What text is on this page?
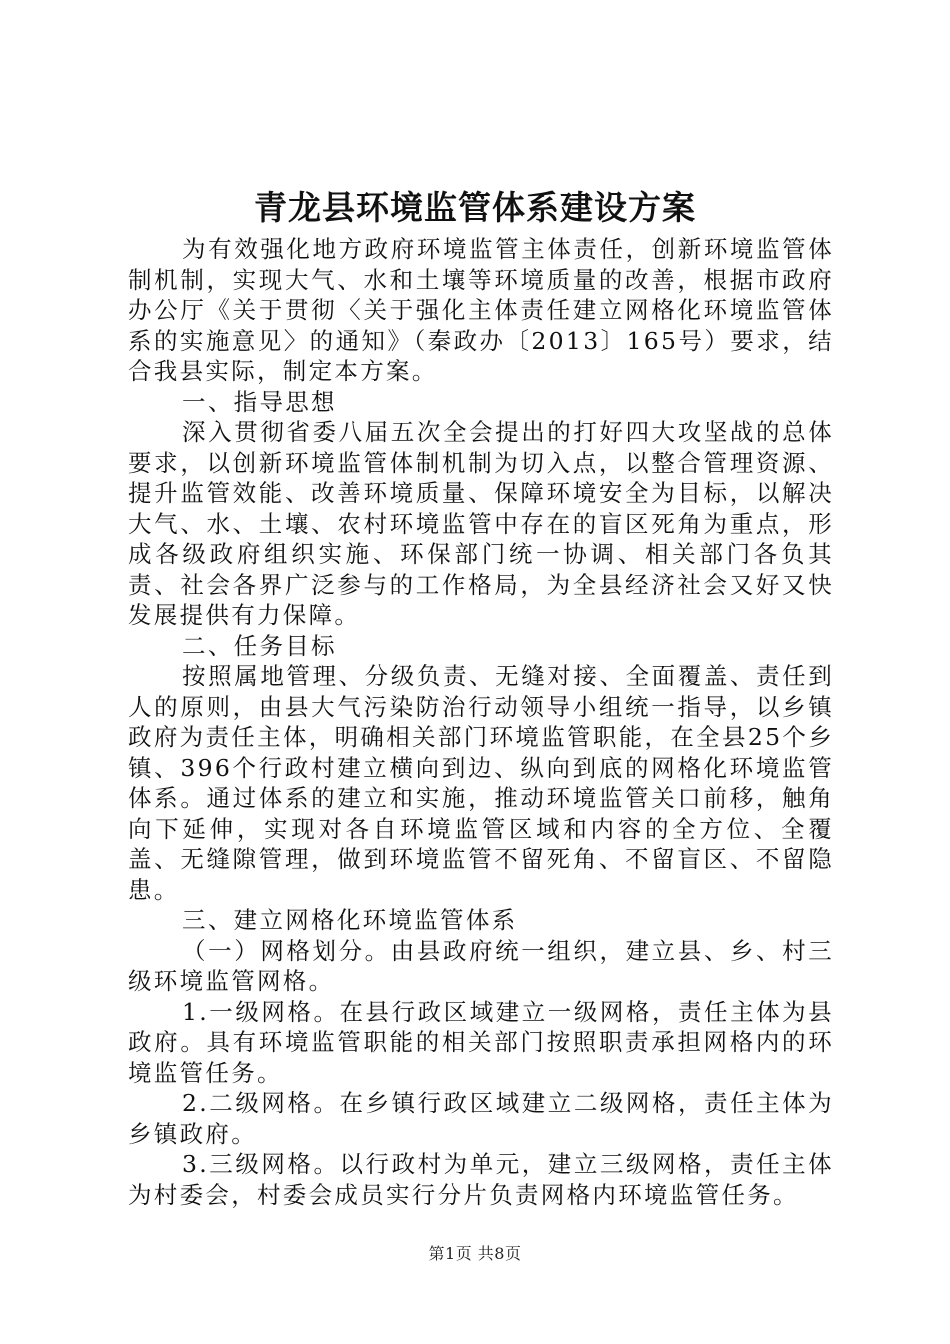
青龙县环境监管体系建设方案

为有效强化地方政府环境监管主体责任，创新环境监管体制机制，实现大气、水和土壤等环境质量的改善，根据市政府办公厅《关于贯彻〈关于强化主体责任建立网格化环境监管体系的实施意见〉的通知》（秦政办〔2013〕165号）要求，结合我县实际，制定本方案。

一、指导思想

深入贯彻省委八届五次全会提出的打好四大攻坚战的总体要求，以创新环境监管体制机制为切入点，以整合管理资源、提升监管效能、改善环境质量、保障环境安全为目标，以解决大气、水、土壤、农村环境监管中存在的盲区死角为重点，形成各级政府组织实施、环保部门统一协调、相关部门各负其责、社会各界广泛参与的工作格局，为全县经济社会又好又快发展提供有力保障。

二、任务目标

按照属地管理、分级负责、无缝对接、全面覆盖、责任到人的原则，由县大气污染防治行动领导小组统一指导，以乡镇政府为责任主体，明确相关部门环境监管职能，在全县25个乡镇、396个行政村建立横向到边、纵向到底的网格化环境监管体系。通过体系的建立和实施，推动环境监管关口前移，触角向下延伸，实现对各自环境监管区域和内容的全方位、全覆盖、无缝隙管理，做到环境监管不留死角、不留盲区、不留隐患。

三、建立网格化环境监管体系

（一）网格划分。由县政府统一组织，建立县、乡、村三级环境监管网格。

1.一级网格。在县行政区域建立一级网格，责任主体为县政府。具有环境监管职能的相关部门按照职责承担网格内的环境监管任务。

2.二级网格。在乡镇行政区域建立二级网格，责任主体为乡镇政府。

3.三级网格。以行政村为单元，建立三级网格，责任主体为村委会，村委会成员实行分片负责网格内环境监管任务。

第1页 共8页
